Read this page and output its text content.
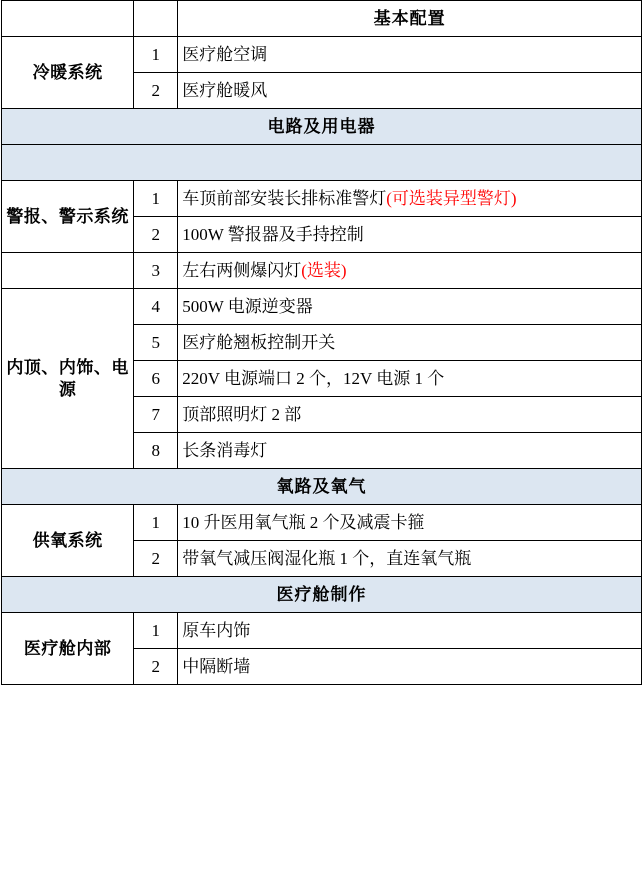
		基本配置
冷暖系统	1	医疗舱空调
	2	医疗舱暖风
电路及用电器		

警报、警示系统	1	车顶前部安装长排标准警灯(可选装异型警灯)
	2	100W 警报器及手持控制
	3	左右两侧爆闪灯(选装)
内顶、内饰、电源	4	500W 电源逆变器
	5	医疗舱翘板控制开关
	6	220V 电源端口 2 个，12V 电源 1 个
	7	顶部照明灯 2 部
	8	长条消毒灯
氧路及氧气		
供氧系统	1	10 升医用氧气瓶 2 个及减震卡箍
	2	带氧气减压阀湿化瓶 1 个，直连氧气瓶
医疗舱制作		
医疗舱内部	1	原车内饰
	2	中隔断墙
